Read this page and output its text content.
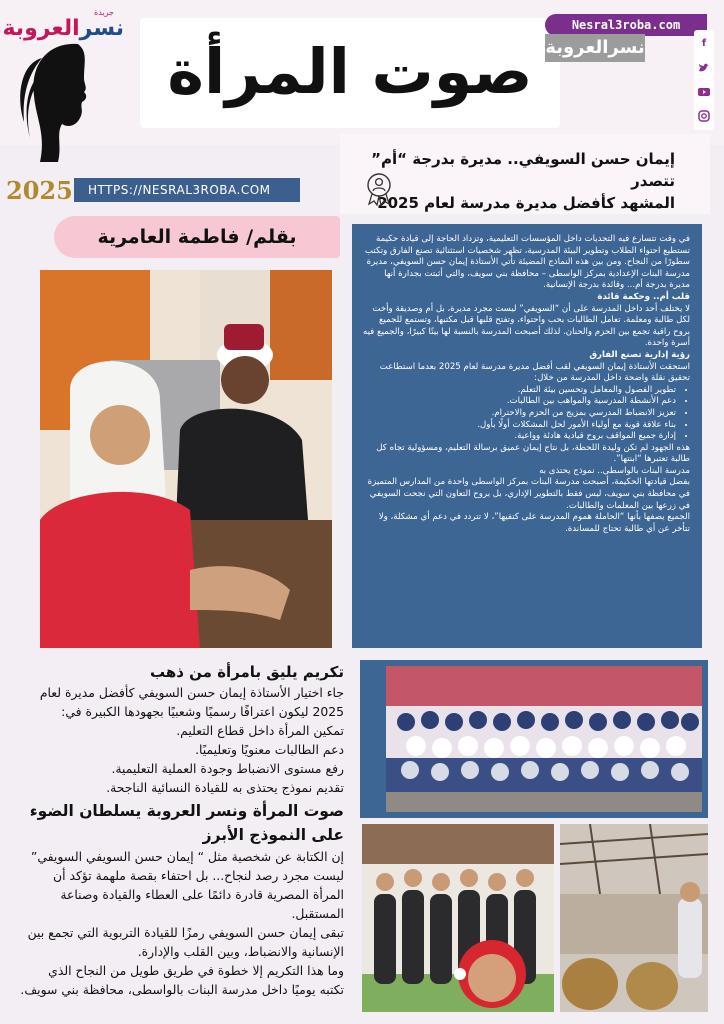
جريدة
نسرالعروبة
صوت المرأة
Nesral3roba.com
نسرالعروبة	f
إيمان حسن السويفي.. مديرة بدرجة “أم” تتصدر
المشهد كأفضل مديرة مدرسة لعام 2025
2025	HTTPS://NESRAL3ROBA.COM
بقلم/ فاطمة العامرية	في وقت تتسارع فيه التحديات داخل المؤسسات التعليمية، وتزداد الحاجة إلى قيادة حكيمة تستطيع احتواء الطلاب وتطوير البيئة المدرسية، تظهر شخصيات استثنائية تصنع الفارق وتكتب سطورًا من النجاح. ومن بين هذه النماذج المضيئة تأتي الأستاذة إيمان حسن السويفي، مديرة مدرسة البنات الإعدادية بمركز الواسطى – محافظة بني سويف، والتي أثبتت بجدارة أنها مديرة بدرجة أم... وقائدة بدرجة الإنسانية.

قلب أم.. وحكمة قائدة

لا يختلف أحد داخل المدرسة على أن “السويفي” ليست مجرد مديرة، بل أم وصديقة وأخت لكل طالبة ومعلمة. تعامل الطالبات بحب واحتواء، وتفتح قلبها قبل مكتبها، وتستمع للجميع بروح راقية تجمع بين الحزم والحنان. لذلك أصبحت المدرسة بالنسبة لها بيتًا كبيرًا، والجميع فيه أسرة واحدة.

رؤية إدارية تصنع الفارق

استحقت الأستاذة إيمان السويفي لقب أفضل مديرة مدرسة لعام 2025 بعدما استطاعت تحقيق نقلة واضحة داخل المدرسة من خلال:

• تطوير الفصول والمعامل وتحسين بيئة التعلم.
• دعم الأنشطة المدرسية والمواهب بين الطالبات.
• تعزيز الانضباط المدرسي بمزيج من الحزم والاحترام.
• بناء علاقة قوية مع أولياء الأمور لحل المشكلات أولًا بأول.
• إدارة جميع المواقف بروح قيادية هادئة وواعية.

هذه الجهود لم تكن وليدة اللحظة، بل نتاج إيمان عميق برسالة التعليم، ومسؤولية تجاه كل طالبة تعتبرها “ابنتها”.

مدرسة البنات بالواسطى.. نموذج يحتذى به

بفضل قيادتها الحكيمة، أصبحت مدرسة البنات بمركز الواسطى واحدة من المدارس المتميزة في محافظة بني سويف، ليس فقط بالتطوير الإداري، بل بروح التعاون التي نجحت السويفي في زرعها بين المعلمات والطالبات.

الجميع يصفها بأنها “الحاملة هموم المدرسة على كتفيها”، لا تتردد في دعم أي مشكلة، ولا تتأخر عن أي طالبة تحتاج للمساندة.

تكريم يليق بامرأة من ذهب
جاء اختيار الأستاذة إيمان حسن السويفي كأفضل مديرة لعام 2025 ليكون اعترافًا رسميًا وشعبيًا بجهودها الكبيرة في:
تمكين المرأة داخل قطاع التعليم.
دعم الطالبات معنويًا وتعليميًا.
رفع مستوى الانضباط وجودة العملية التعليمية.
تقديم نموذج يحتذى به للقيادة النسائية الناجحة.
صوت المرأة ونسر العروبة يسلطان الضوء على النموذج الأبرز
إن الكتابة عن شخصية مثل “ إيمان حسن السويفي السويفي” ليست مجرد رصد لنجاح... بل احتفاء بقصة ملهمة تؤكد أن المرأة المصرية قادرة دائمًا على العطاء والقيادة وصناعة المستقبل.
تبقى إيمان حسن السويفي رمزًا للقيادة التربوية التي تجمع بين الإنسانية والانضباط، وبين القلب والإدارة.
وما هذا التكريم إلا خطوة في طريق طويل من النجاح الذي تكتبه يوميًا داخل مدرسة البنات بالواسطى، محافظة بني سويف.
